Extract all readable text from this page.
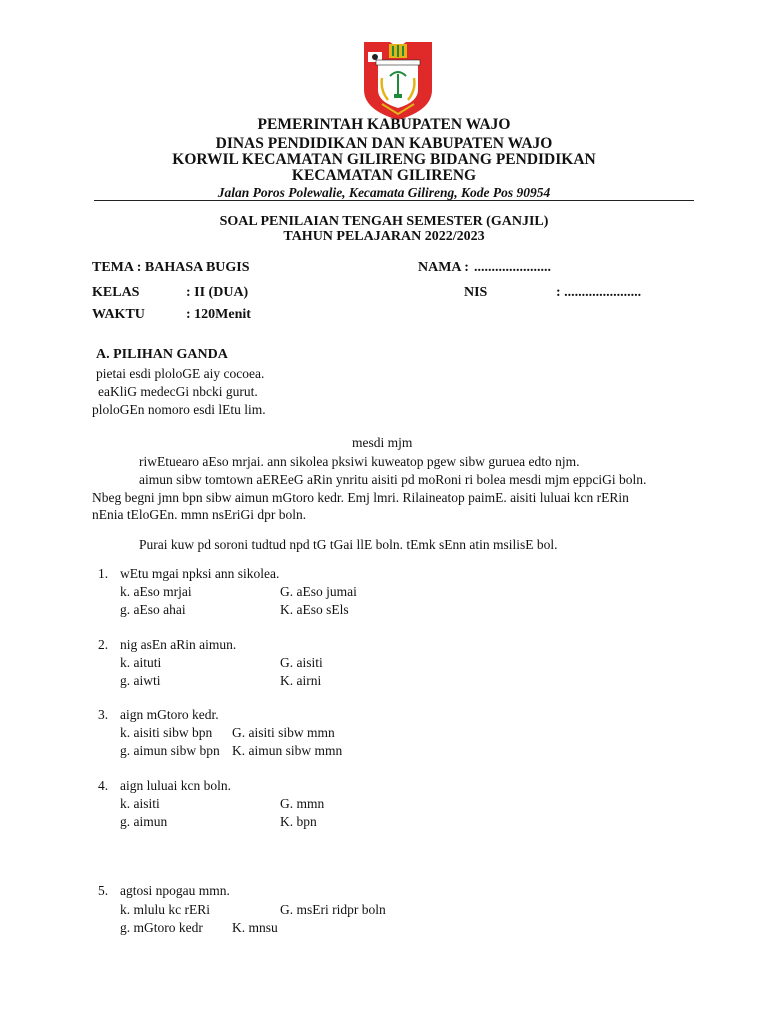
PEMERINTAH KABUPATEN WAJO
DINAS PENDIDIKAN DAN KABUPATEN WAJO
KORWIL KECAMATAN GILIRENG BIDANG PENDIDIKAN
KECAMATAN GILIRENG
Jalan Poros Polewalie, Kecamata Gilireng, Kode Pos 90954
SOAL PENILAIAN TENGAH SEMESTER (GANJIL)
TAHUN PELAJARAN 2022/2023
TEMA : BAHASA BUGIS	NAMA : ......................
KELAS	: II (DUA)	NIS	: ......................
WAKTU	: 120Menit
A. PILIHAN GANDA
pietai esdi ploloGE aiy cocoea.
eaKliG medecGi nbcki gurut.
ploloGEn nomoro esdi lEtu lim.
mesdi mjm
riwEtuearo aEso mrjai. ann sikolea pksiwi kuweatop pgew sibw guruea edto njm.
aimun sibw tomtown aEREeG aRin ynritu aisiti pd moRoni ri bolea mesdi mjm eppciGi boln.
Nbeg begni jmn bpn sibw aimun mGtoro kedr. Emj lmri. Rilaineatop paimE. aisiti luluai kcn rERin
nEnia tEloGEn. mmn nsEriGi dpr boln.
Purai kuw pd soroni tudtud npd tG tGai llE boln. tEmk sEnn atin msilisE bol.
1. wEtu mgai npksi ann sikolea.
k. aEso mrjai	G. aEso jumai
g. aEso ahai	K. aEso sEls
2. nig asEn aRin aimun.
k. aituti	G. aisiti
g. aiwti	K. airni
3. aign mGtoro kedr.
k. aisiti sibw bpn G. aisiti sibw mmn
g. aimun sibw bpn K. aimun sibw mmn
4. aign luluai kcn boln.
k. aisiti	G. mmn
g. aimun	K. bpn
5. agtosi npogau mmn.
k. mlulu kc rERi	G. msEri ridpr boln
g. mGtoro kedr K. mnsu
